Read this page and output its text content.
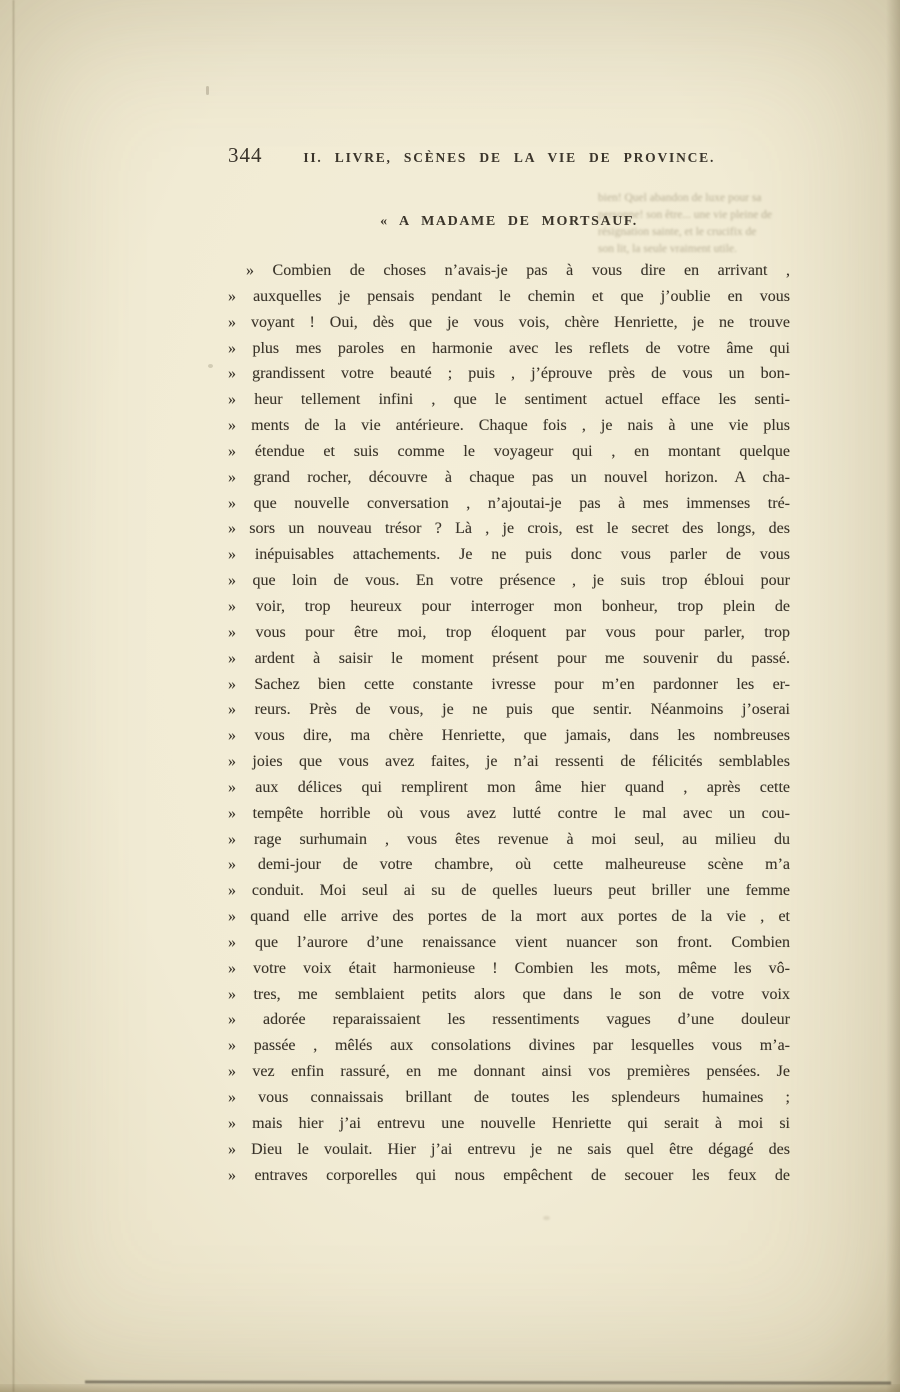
bien! Quel abandon de luxe pour sa
personne! son être... une vie pleine de
résignation sainte, et le crucifix de
son lit, la seule vraiment utile.
344	II. LIVRE, SCÈNES DE LA VIE DE PROVINCE.
« A MADAME DE MORTSAUF.
» Combien de choses n’avais-je pas à vous dire en arrivant ,
» auxquelles je pensais pendant le chemin et que j’oublie en vous
» voyant ! Oui, dès que je vous vois, chère Henriette, je ne trouve
» plus mes paroles en harmonie avec les reflets de votre âme qui
» grandissent votre beauté ; puis , j’éprouve près de vous un bon-
» heur tellement infini , que le sentiment actuel efface les senti-
» ments de la vie antérieure. Chaque fois , je nais à une vie plus
» étendue et suis comme le voyageur qui , en montant quelque
» grand rocher, découvre à chaque pas un nouvel horizon. A cha-
» que nouvelle conversation , n’ajoutai-je pas à mes immenses tré-
» sors un nouveau trésor ? Là , je crois, est le secret des longs, des
» inépuisables attachements. Je ne puis donc vous parler de vous
» que loin de vous. En votre présence , je suis trop ébloui pour
» voir, trop heureux pour interroger mon bonheur, trop plein de
» vous pour être moi, trop éloquent par vous pour parler, trop
» ardent à saisir le moment présent pour me souvenir du passé.
» Sachez bien cette constante ivresse pour m’en pardonner les er-
» reurs. Près de vous, je ne puis que sentir. Néanmoins j’oserai
» vous dire, ma chère Henriette, que jamais, dans les nombreuses
» joies que vous avez faites, je n’ai ressenti de félicités semblables
» aux délices qui remplirent mon âme hier quand , après cette
» tempête horrible où vous avez lutté contre le mal avec un cou-
» rage surhumain , vous êtes revenue à moi seul, au milieu du
» demi-jour de votre chambre, où cette malheureuse scène m’a
» conduit. Moi seul ai su de quelles lueurs peut briller une femme
» quand elle arrive des portes de la mort aux portes de la vie , et
» que l’aurore d’une renaissance vient nuancer son front. Combien
» votre voix était harmonieuse ! Combien les mots, même les vô-
» tres, me semblaient petits alors que dans le son de votre voix
» adorée reparaissaient les ressentiments vagues d’une douleur
» passée , mêlés aux consolations divines par lesquelles vous m’a-
» vez enfin rassuré, en me donnant ainsi vos premières pensées. Je
» vous connaissais brillant de toutes les splendeurs humaines ;
» mais hier j’ai entrevu une nouvelle Henriette qui serait à moi si
» Dieu le voulait. Hier j’ai entrevu je ne sais quel être dégagé des
» entraves corporelles qui nous empêchent de secouer les feux de
